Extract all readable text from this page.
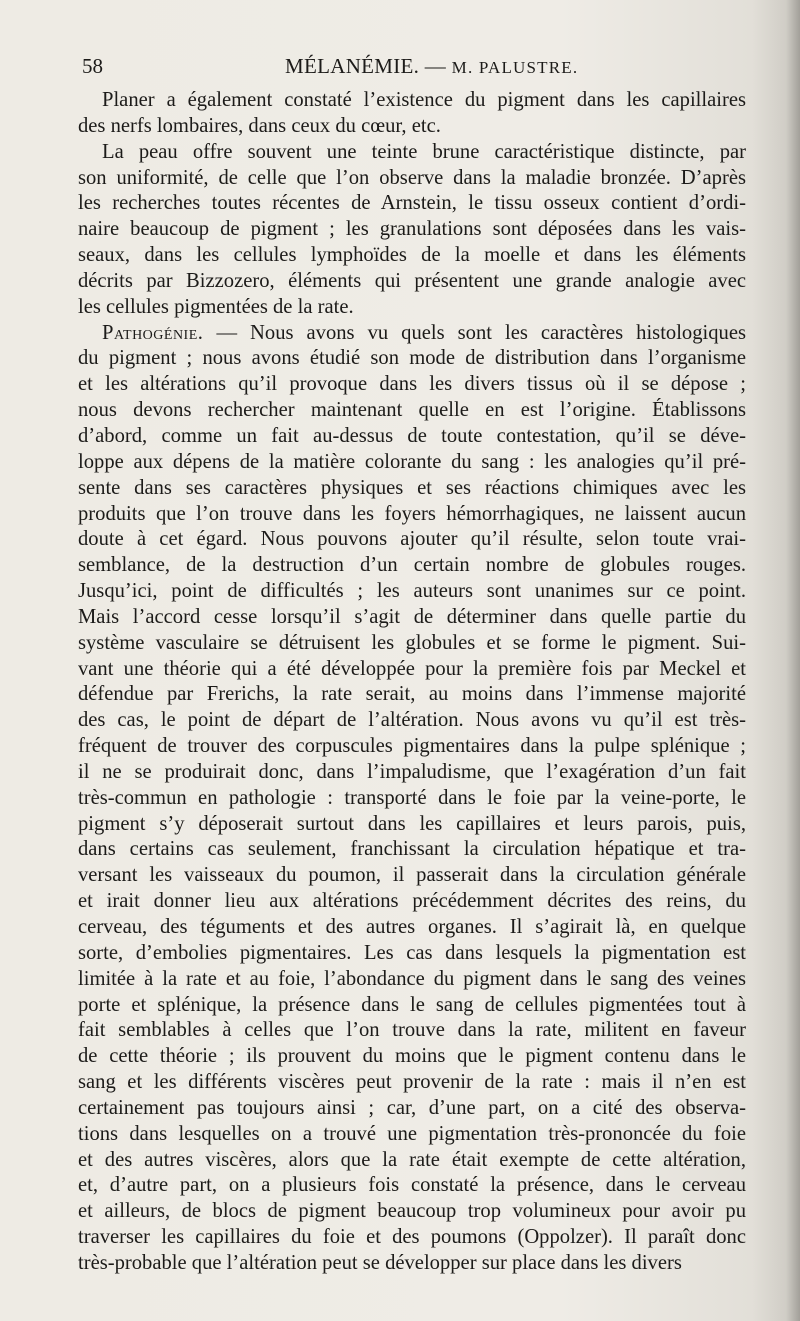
58	MÉLANÉMIE. — M. PALUSTRE.
Planer a également constaté l’existence du pigment dans les capillaires
des nerfs lombaires, dans ceux du cœur, etc.
La peau offre souvent une teinte brune caractéristique distincte, par
son uniformité, de celle que l’on observe dans la maladie bronzée. D’après
les recherches toutes récentes de Arnstein, le tissu osseux contient d’ordi-
naire beaucoup de pigment ; les granulations sont déposées dans les vais-
seaux, dans les cellules lymphoïdes de la moelle et dans les éléments
décrits par Bizzozero, éléments qui présentent une grande analogie avec
les cellules pigmentées de la rate.
Pathogénie. — Nous avons vu quels sont les caractères histologiques
du pigment ; nous avons étudié son mode de distribution dans l’organisme
et les altérations qu’il provoque dans les divers tissus où il se dépose ;
nous devons rechercher maintenant quelle en est l’origine. Établissons
d’abord, comme un fait au-dessus de toute contestation, qu’il se déve-
loppe aux dépens de la matière colorante du sang : les analogies qu’il pré-
sente dans ses caractères physiques et ses réactions chimiques avec les
produits que l’on trouve dans les foyers hémorrhagiques, ne laissent aucun
doute à cet égard. Nous pouvons ajouter qu’il résulte, selon toute vrai-
semblance, de la destruction d’un certain nombre de globules rouges.
Jusqu’ici, point de difficultés ; les auteurs sont unanimes sur ce point.
Mais l’accord cesse lorsqu’il s’agit de déterminer dans quelle partie du
système vasculaire se détruisent les globules et se forme le pigment. Sui-
vant une théorie qui a été développée pour la première fois par Meckel et
défendue par Frerichs, la rate serait, au moins dans l’immense majorité
des cas, le point de départ de l’altération. Nous avons vu qu’il est très-
fréquent de trouver des corpuscules pigmentaires dans la pulpe splénique ;
il ne se produirait donc, dans l’impaludisme, que l’exagération d’un fait
très-commun en pathologie : transporté dans le foie par la veine-porte, le
pigment s’y déposerait surtout dans les capillaires et leurs parois, puis,
dans certains cas seulement, franchissant la circulation hépatique et tra-
versant les vaisseaux du poumon, il passerait dans la circulation générale
et irait donner lieu aux altérations précédemment décrites des reins, du
cerveau, des téguments et des autres organes. Il s’agirait là, en quelque
sorte, d’embolies pigmentaires. Les cas dans lesquels la pigmentation est
limitée à la rate et au foie, l’abondance du pigment dans le sang des veines
porte et splénique, la présence dans le sang de cellules pigmentées tout à
fait semblables à celles que l’on trouve dans la rate, militent en faveur
de cette théorie ; ils prouvent du moins que le pigment contenu dans le
sang et les différents viscères peut provenir de la rate : mais il n’en est
certainement pas toujours ainsi ; car, d’une part, on a cité des observa-
tions dans lesquelles on a trouvé une pigmentation très-prononcée du foie
et des autres viscères, alors que la rate était exempte de cette altération,
et, d’autre part, on a plusieurs fois constaté la présence, dans le cerveau
et ailleurs, de blocs de pigment beaucoup trop volumineux pour avoir pu
traverser les capillaires du foie et des poumons (Oppolzer). Il paraît donc
très-probable que l’altération peut se développer sur place dans les divers
